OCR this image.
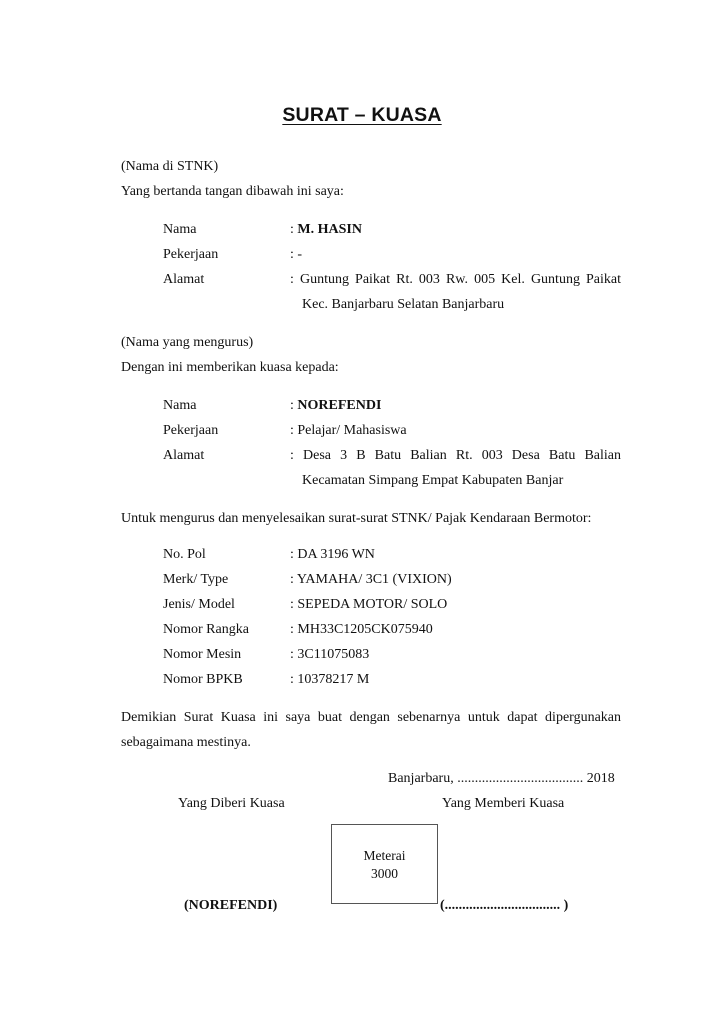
SURAT – KUASA
(Nama di STNK)
Yang bertanda tangan dibawah ini saya:
Nama	: M. HASIN
Pekerjaan	: -
Alamat	: Guntung Paikat Rt. 003 Rw. 005 Kel. Guntung Paikat
Kec. Banjarbaru Selatan Banjarbaru
(Nama yang mengurus)
Dengan ini memberikan kuasa kepada:
Nama	: NOREFENDI
Pekerjaan	: Pelajar/ Mahasiswa
Alamat	: Desa 3 B Batu Balian Rt. 003 Desa Batu Balian
Kecamatan Simpang Empat Kabupaten Banjar
Untuk mengurus dan menyelesaikan surat-surat STNK/ Pajak Kendaraan Bermotor:
No. Pol	: DA 3196 WN
Merk/ Type	: YAMAHA/ 3C1 (VIXION)
Jenis/ Model	: SEPEDA MOTOR/ SOLO
Nomor Rangka	: MH33C1205CK075940
Nomor Mesin	: 3C11075083
Nomor BPKB	: 10378217 M
Demikian Surat Kuasa ini saya buat dengan sebenarnya untuk dapat dipergunakan
sebagaimana mestinya.
Banjarbaru, .................................... 2018
Yang Diberi Kuasa	Yang Memberi Kuasa
Meterai
3000
(NOREFENDI)	(................................. )
